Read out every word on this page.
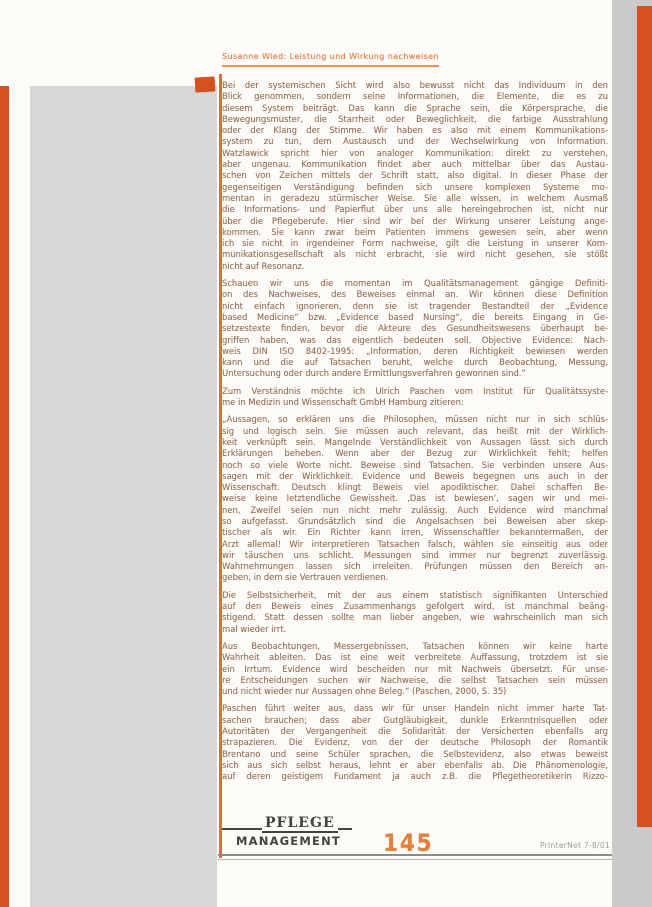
Susanne Wied: Leistung und Wirkung nachweisen
Bei der systemischen Sicht wird also bewusst nicht das Individuum in den
Blick genommen, sondern seine Informationen, die Elemente, die es zu
diesem System beiträgt. Das kann die Sprache sein, die Körpersprache, die
Bewegungsmuster, die Starrheit oder Beweglichkeit, die farbige Ausstrahlung
oder der Klang der Stimme. Wir haben es also mit einem Kommunikations-
system zu tun, dem Austausch und der Wechselwirkung von Information.
Watzlawick spricht hier von analoger Kommunikation: direkt zu verstehen,
aber ungenau. Kommunikation findet aber auch mittelbar über das Austau-
schen von Zeichen mittels der Schrift statt, also digital. In dieser Phase der
gegenseitigen Verständigung befinden sich unsere komplexen Systeme mo-
mentan in geradezu stürmischer Weise. Sie alle wissen, in welchem Ausmaß
die Informations- und Papierflut über uns alle hereingebrochen ist, nicht nur
über die Pflegeberufe. Hier sind wir bei der Wirkung unserer Leistung ange-
kommen. Sie kann zwar beim Patienten immens gewesen sein, aber wenn
ich sie nicht in irgendeiner Form nachweise, gilt die Leistung in unserer Kom-
munikationsgesellschaft als nicht erbracht, sie wird nicht gesehen, sie stößt
nicht auf Resonanz.
Schauen wir uns die momentan im Qualitätsmanagement gängige Definiti-
on des Nachweises, des Beweises einmal an. Wir können diese Definition
nicht einfach ignorieren, denn sie ist tragender Bestandteil der „Evidence
based Medicine“ bzw. „Evidence based Nursing“, die bereits Eingang in Ge-
setzestexte finden, bevor die Akteure des Gesundheitswesens überhaupt be-
griffen haben, was das eigentlich bedeuten soll. Objective Evidence: Nach-
weis DIN ISO 8402-1995: „Information, deren Richtigkeit bewiesen werden
kann und die auf Tatsachen beruht, welche durch Beobachtung, Messung,
Untersuchung oder durch andere Ermittlungsverfahren gewonnen sind.“
Zum Verständnis möchte ich Ulrich Paschen vom Institut für Qualitätssyste-
me in Medizin und Wissenschaft GmbH Hamburg zitieren:
„Aussagen, so erklären uns die Philosophen, müssen nicht nur in sich schlüs-
sig und logisch sein. Sie müssen auch relevant, das heißt mit der Wirklich-
keit verknüpft sein. Mangelnde Verständlichkeit von Aussagen lässt sich durch
Erklärungen beheben. Wenn aber der Bezug zur Wirklichkeit fehlt; helfen
noch so viele Worte nicht. Beweise sind Tatsachen. Sie verbinden unsere Aus-
sagen mit der Wirklichkeit. Evidence und Beweis begegnen uns auch in der
Wissenschaft. Deutsch klingt Beweis viel apodiktischer. Dabei schaffen Be-
weise keine letztendliche Gewissheit. ‚Das ist bewiesen‘, sagen wir und mei-
nen, Zweifel seien nun nicht mehr zulässig. Auch Evidence wird manchmal
so aufgefasst. Grundsätzlich sind die Angelsachsen bei Beweisen aber skep-
tischer als wir. Ein Richter kann irren, Wissenschaftler bekanntermaßen, der
Arzt allemal! Wir interpretieren Tatsachen falsch, wählen sie einseitig aus oder
wir täuschen uns schlicht. Messungen sind immer nur begrenzt zuverlässig.
Wahrnehmungen lassen sich irreleiten. Prüfungen müssen den Bereich an-
geben, in dem sie Vertrauen verdienen.
Die Selbstsicherheit, mit der aus einem statistisch signifikanten Unterschied
auf den Beweis eines Zusammenhangs gefolgert wird, ist manchmal beäng-
stigend. Statt dessen sollte man lieber angeben, wie wahrscheinlich man sich
mal wieder irrt.
Aus Beobachtungen, Messergebnissen, Tatsachen können wir keine harte
Wahrheit ableiten. Das ist eine weit verbreitete Auffassung, trotzdem ist sie
ein Irrtum. Evidence wird bescheiden nur mit Nachweis übersetzt. Für unse-
re Entscheidungen suchen wir Nachweise, die selbst Tatsachen sein müssen
und nicht wieder nur Aussagen ohne Beleg.“ (Paschen, 2000, S. 35)
Paschen führt weiter aus, dass wir für unser Handeln nicht immer harte Tat-
sachen brauchen; dass aber Gutgläubigkeit, dunkle Erkenntnisquellen oder
Autoritäten der Vergangenheit die Solidarität der Versicherten ebenfalls arg
strapazieren. Die Evidenz, von der der deutsche Philosoph der Romantik
Brentano und seine Schüler sprachen, die Selbstevidenz, also etwas beweist
sich aus sich selbst heraus, lehnt er aber ebenfalls ab. Die Phänomenologie,
auf deren geistigem Fundament ja auch z.B. die Pflegetheoretikerin Rizzo-
PFLEGE
MANAGEMENT	145	PrInterNet 7-8/01
